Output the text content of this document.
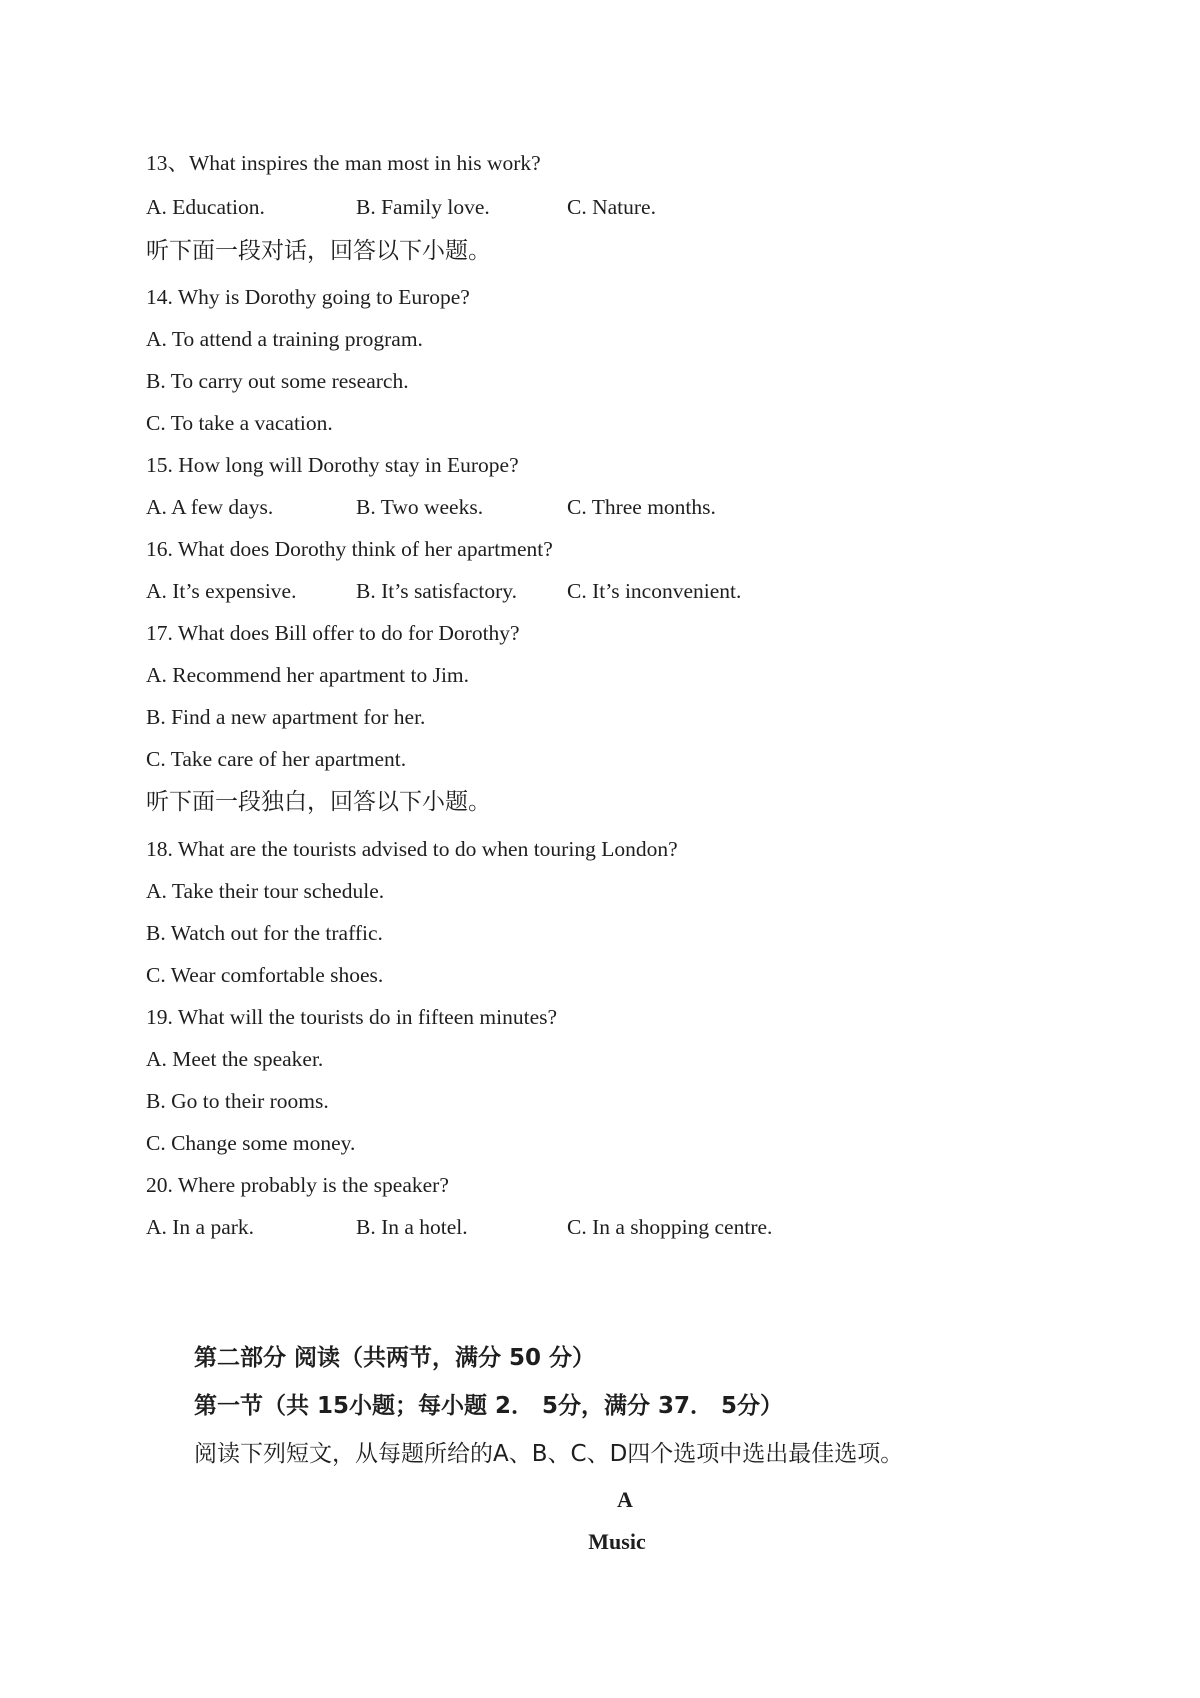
13、What inspires the man most in his work?
A. Education.	B. Family love.	C. Nature.
听下面一段对话，回答以下小题。
14. Why is Dorothy going to Europe?
A. To attend a training program.
B. To carry out some research.
C. To take a vacation.
15. How long will Dorothy stay in Europe?
A. A few days.	B. Two weeks.	C. Three months.
16. What does Dorothy think of her apartment?
A. It’s expensive.	B. It’s satisfactory. C. It’s inconvenient.
17. What does Bill offer to do for Dorothy?
A. Recommend her apartment to Jim.
B. Find a new apartment for her.
C. Take care of her apartment.
听下面一段独白，回答以下小题。
18. What are the tourists advised to do when touring London?
A. Take their tour schedule.
B. Watch out for the traffic.
C. Wear comfortable shoes.
19. What will the tourists do in fifteen minutes?
A. Meet the speaker.
B. Go to their rooms.
C. Change some money.
20. Where probably is the speaker?
A. In a park.	B. In a hotel.	C. In a shopping centre.
第二部分 阅读（共两节，满分 50 分）
第一节（共 15小题；每小题 2． 5分，满分 37． 5分）
阅读下列短文，从每题所给的A、B、C、D四个选项中选出最佳选项。
A
Music
